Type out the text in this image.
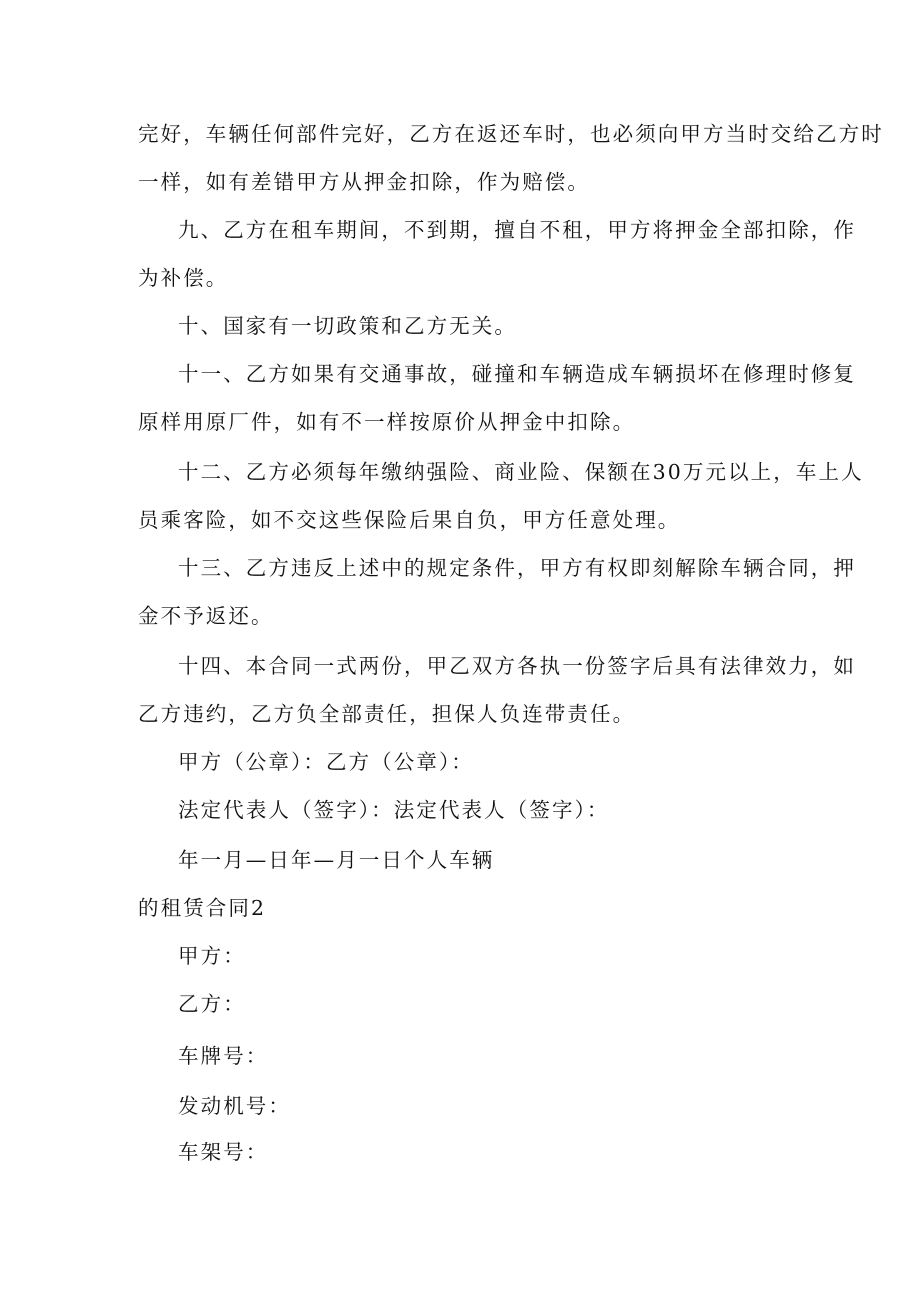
完好，车辆任何部件完好，乙方在返还车时，也必须向甲方当时交给乙方时
一样，如有差错甲方从押金扣除，作为赔偿。
九、乙方在租车期间，不到期，擅自不租，甲方将押金全部扣除，作
为补偿。
十、国家有一切政策和乙方无关。
十一、乙方如果有交通事故，碰撞和车辆造成车辆损坏在修理时修复
原样用原厂件，如有不一样按原价从押金中扣除。
十二、乙方必须每年缴纳强险、商业险、保额在30万元以上，车上人
员乘客险，如不交这些保险后果自负，甲方任意处理。
十三、乙方违反上述中的规定条件，甲方有权即刻解除车辆合同，押
金不予返还。
十四、本合同一式两份，甲乙双方各执一份签字后具有法律效力，如
乙方违约，乙方负全部责任，担保人负连带责任。
甲方（公章）：乙方（公章）：
法定代表人（签字）：法定代表人（签字）：
年一月—日年—月一日个人车辆
的租赁合同2
甲方：
乙方：
车牌号：
发动机号：
车架号：
